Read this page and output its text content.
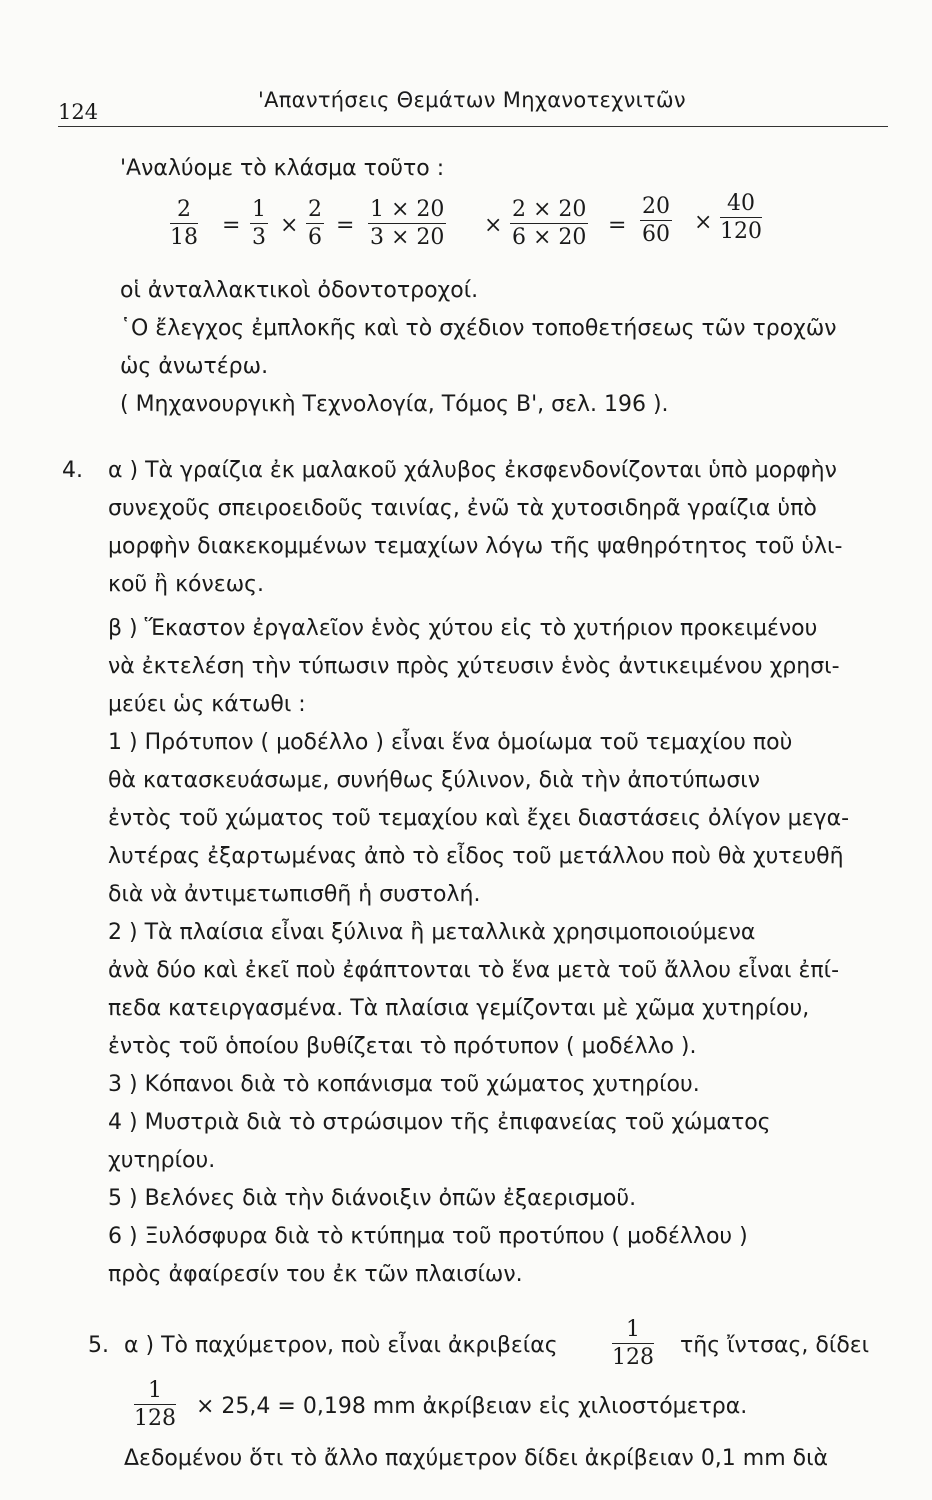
124	'Απαντήσεις Θεμάτων Μηχανοτεχνιτῶν
'Αναλύομε τὸ κλάσμα τοῦτο :
2
18 =
1
3 ×
2
6 =
1 × 20
3 × 20 ×
2 × 20
6 × 20 =
20
60 ×
40
120
οἱ ἀνταλλακτικοὶ ὀδοντοτροχοί.
῾Ο ἔλεγχος ἐμπλοκῆς καὶ τὸ σχέδιον τοποθετήσεως τῶν τροχῶν
ὡς ἀνωτέρω.
( Μηχανουργικὴ Τεχνολογία, Τόμος Β', σελ. 196 ).
4. α ) Τὰ γραίζια ἐκ μαλακοῦ χάλυβος ἐκσφενδονίζονται ὑπὸ μορφὴν
συνεχοῦς σπειροειδοῦς ταινίας, ἐνῶ τὰ χυτοσιδηρᾶ γραίζια ὑπὸ
μορφὴν διακεκομμένων τεμαχίων λόγω τῆς ψαθηρότητος τοῦ ὑλι-
κοῦ ἢ κόνεως.
β ) Ἕκαστον ἐργαλεῖον ἑνὸς χύτου εἰς τὸ χυτήριον προκειμένου
νὰ ἐκτελέση τὴν τύπωσιν πρὸς χύτευσιν ἑνὸς ἀντικειμένου χρησι-
μεύει ὡς κάτωθι :
1 ) Πρότυπον ( μοδέλλο ) εἶναι ἕνα ὁμοίωμα τοῦ τεμαχίου ποὺ
θὰ κατασκευάσωμε, συνήθως ξύλινον, διὰ τὴν ἀποτύπωσιν
ἐντὸς τοῦ χώματος τοῦ τεμαχίου καὶ ἔχει διαστάσεις ὀλίγον μεγα-
λυτέρας ἐξαρτωμένας ἀπὸ τὸ εἶδος τοῦ μετάλλου ποὺ θὰ χυτευθῆ
διὰ νὰ ἀντιμετωπισθῆ ἡ συστολή.
2 ) Τὰ πλαίσια εἶναι ξύλινα ἢ μεταλλικὰ χρησιμοποιούμενα
ἀνὰ δύο καὶ ἐκεῖ ποὺ ἐφάπτονται τὸ ἕνα μετὰ τοῦ ἄλλου εἶναι ἐπί-
πεδα κατειργασμένα. Τὰ πλαίσια γεμίζονται μὲ χῶμα χυτηρίου,
ἐντὸς τοῦ ὁποίου βυθίζεται τὸ πρότυπον ( μοδέλλο ).
3 ) Κόπανοι διὰ τὸ κοπάνισμα τοῦ χώματος χυτηρίου.
4 ) Μυστριὰ διὰ τὸ στρώσιμον τῆς ἐπιφανείας τοῦ χώματος
χυτηρίου.
5 ) Βελόνες διὰ τὴν διάνοιξιν ὀπῶν ἐξαερισμοῦ.
6 ) Ξυλόσφυρα διὰ τὸ κτύπημα τοῦ προτύπου ( μοδέλλου )
πρὸς ἀφαίρεσίν του ἐκ τῶν πλαισίων.
5. α ) Τὸ παχύμετρον, ποὺ εἶναι ἀκριβείας
1
128 τῆς ἴντσας, δίδει
1
128 × 25,4 = 0,198 mm ἀκρίβειαν εἰς χιλιοστόμετρα.
Δεδομένου ὅτι τὸ ἄλλο παχύμετρον δίδει ἀκρίβειαν 0,1 mm διὰ
